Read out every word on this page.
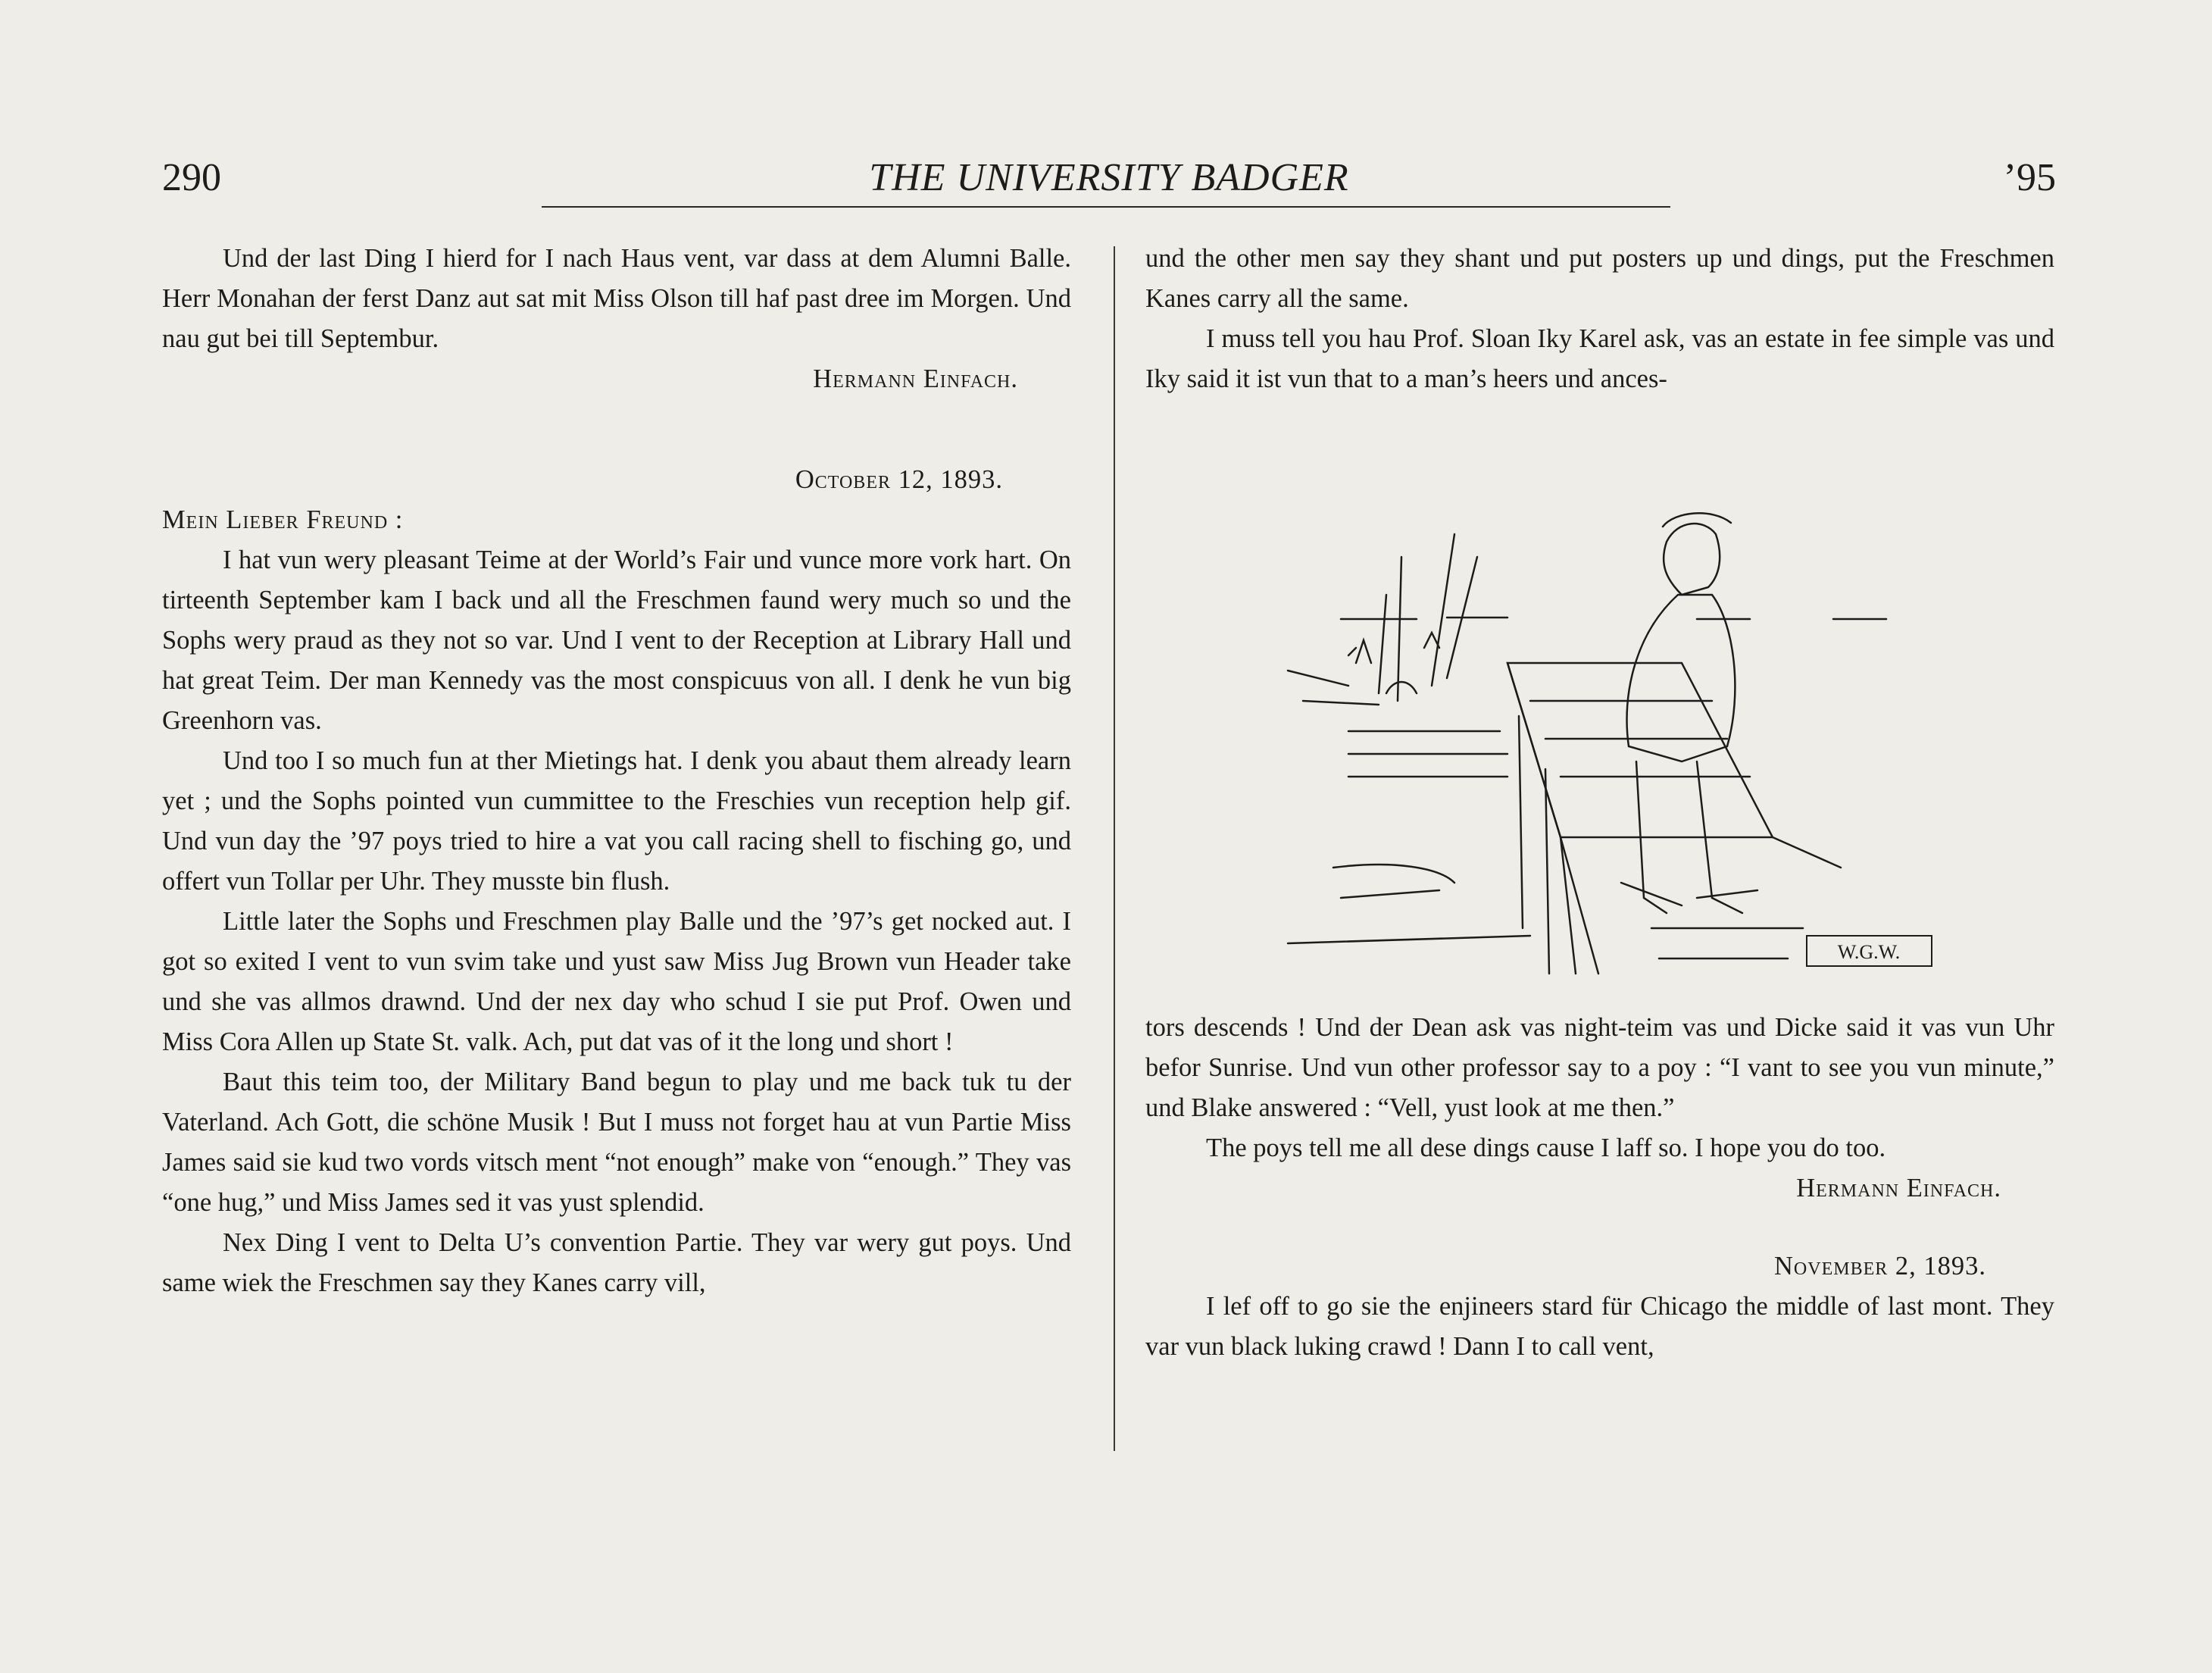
290	THE UNIVERSITY BADGER	’95

Und der last Ding I hierd for I nach Haus vent, var dass at dem Alumni Balle. Herr Monahan der ferst Danz aut sat mit Miss Olson till haf past dree im Morgen. Und nau gut bei till Septembur.

Hermann Einfach.
October 12, 1893.

Mein Lieber Freund :

I hat vun wery pleasant Teime at der World’s Fair und vunce more vork hart. On tirteenth September kam I back und all the Freschmen faund wery much so und the Sophs wery praud as they not so var. Und I vent to der Reception at Library Hall und hat great Teim. Der man Kennedy vas the most conspicuus von all. I denk he vun big Greenhorn vas.

Und too I so much fun at ther Mietings hat. I denk you abaut them already learn yet ; und the Sophs pointed vun cummittee to the Freschies vun reception help gif. Und vun day the ’97 poys tried to hire a vat you call racing shell to fisching go, und offert vun Tollar per Uhr. They musste bin flush.

Little later the Sophs und Freschmen play Balle und the ’97’s get nocked aut. I got so exited I vent to vun svim take und yust saw Miss Jug Brown vun Header take und she vas allmos drawnd. Und der nex day who schud I sie put Prof. Owen und Miss Cora Allen up State St. valk. Ach, put dat vas of it the long und short !

Baut this teim too, der Military Band begun to play und me back tuk tu der Vaterland. Ach Gott, die schöne Musik ! But I muss not forget hau at vun Partie Miss James said sie kud two vords vitsch ment “not enough” make von “enough.” They vas “one hug,” und Miss James sed it vas yust splendid.

Nex Ding I vent to Delta U’s convention Partie. They var wery gut poys. Und same wiek the Freschmen say they Kanes carry vill,

und the other men say they shant und put posters up und dings, put the Freschmen Kanes carry all the same.

I muss tell you hau Prof. Sloan Iky Karel ask, vas an estate in fee simple vas und Iky said it ist vun that to a man’s heers und ances-

W.G.W.

tors descends ! Und der Dean ask vas night-teim vas und Dicke said it vas vun Uhr befor Sunrise. Und vun other professor say to a poy : “I vant to see you vun minute,” und Blake answered : “Vell, yust look at me then.”

The poys tell me all dese dings cause I laff so. I hope you do too.

Hermann Einfach.
November 2, 1893.

I lef off to go sie the enjineers stard für Chicago the middle of last mont. They var vun black luking crawd ! Dann I to call vent,
